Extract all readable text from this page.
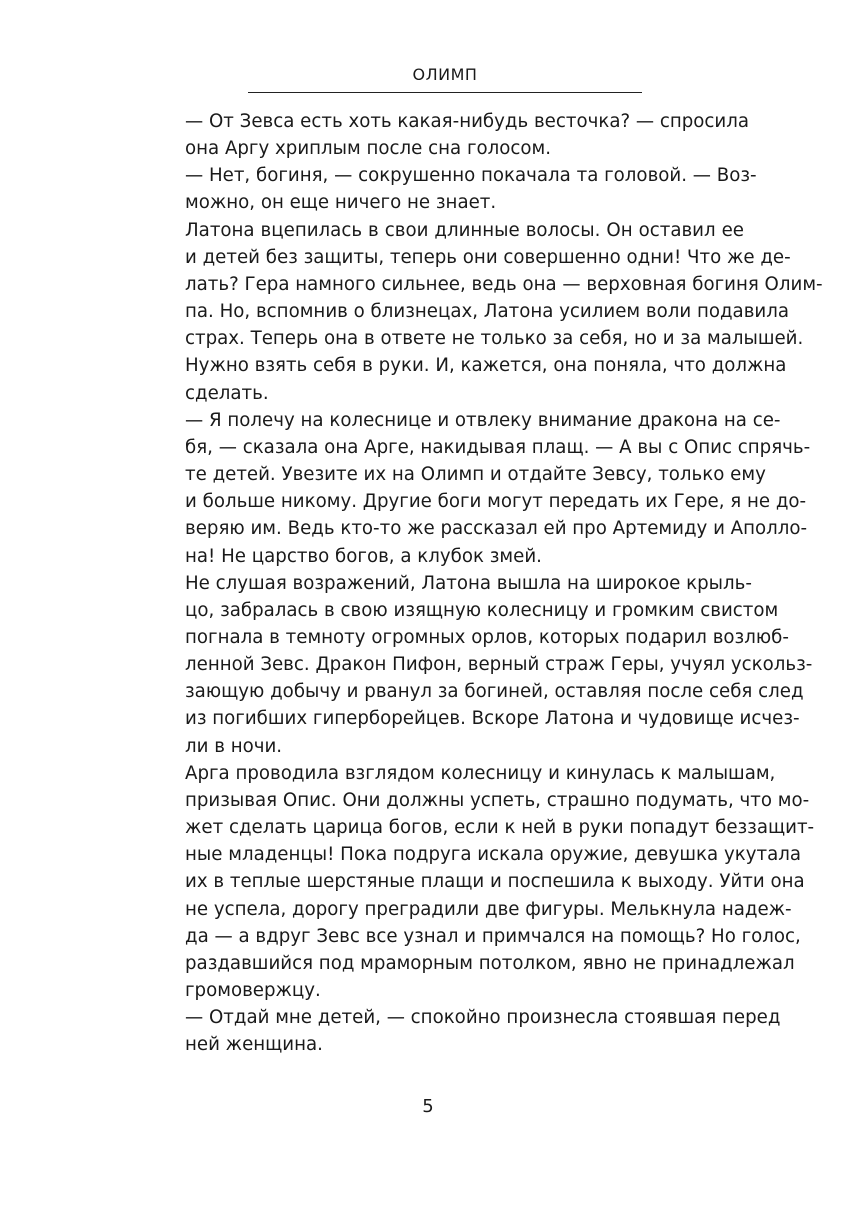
ОЛИМП

— От Зевса есть хоть какая-нибудь весточка? — спросила
она Аргу хриплым после сна голосом.

— Нет, богиня, — сокрушенно покачала та головой. — Воз-
можно, он еще ничего не знает.

Латона вцепилась в свои длинные волосы. Он оставил ее
и детей без защиты, теперь они совершенно одни! Что же де-
лать? Гера намного сильнее, ведь она — верховная богиня Олим-
па. Но, вспомнив о близнецах, Латона усилием воли подавила
страх. Теперь она в ответе не только за себя, но и за малышей.
Нужно взять себя в руки. И, кажется, она поняла, что должна
сделать.

— Я полечу на колеснице и отвлеку внимание дракона на се-
бя, — сказала она Арге, накидывая плащ. — А вы с Опис спрячь-
те детей. Увезите их на Олимп и отдайте Зевсу, только ему
и больше никому. Другие боги могут передать их Гере, я не до-
веряю им. Ведь кто-то же рассказал ей про Артемиду и Аполло-
на! Не царство богов, а клубок змей.

Не слушая возражений, Латона вышла на широкое крыль-
цо, забралась в свою изящную колесницу и громким свистом
погнала в темноту огромных орлов, которых подарил возлюб-
ленной Зевс. Дракон Пифон, верный страж Геры, учуял ускольз-
зающую добычу и рванул за богиней, оставляя после себя след
из погибших гиперборейцев. Вскоре Латона и чудовище исчез-
ли в ночи.

Арга проводила взглядом колесницу и кинулась к малышам,
призывая Опис. Они должны успеть, страшно подумать, что мо-
жет сделать царица богов, если к ней в руки попадут беззащит-
ные младенцы! Пока подруга искала оружие, девушка укутала
их в теплые шерстяные плащи и поспешила к выходу. Уйти она
не успела, дорогу преградили две фигуры. Мелькнула надеж-
да — а вдруг Зевс все узнал и примчался на помощь? Но голос,
раздавшийся под мраморным потолком, явно не принадлежал
громовержцу.

— Отдай мне детей, — спокойно произнесла стоявшая перед
ней женщина.

5
